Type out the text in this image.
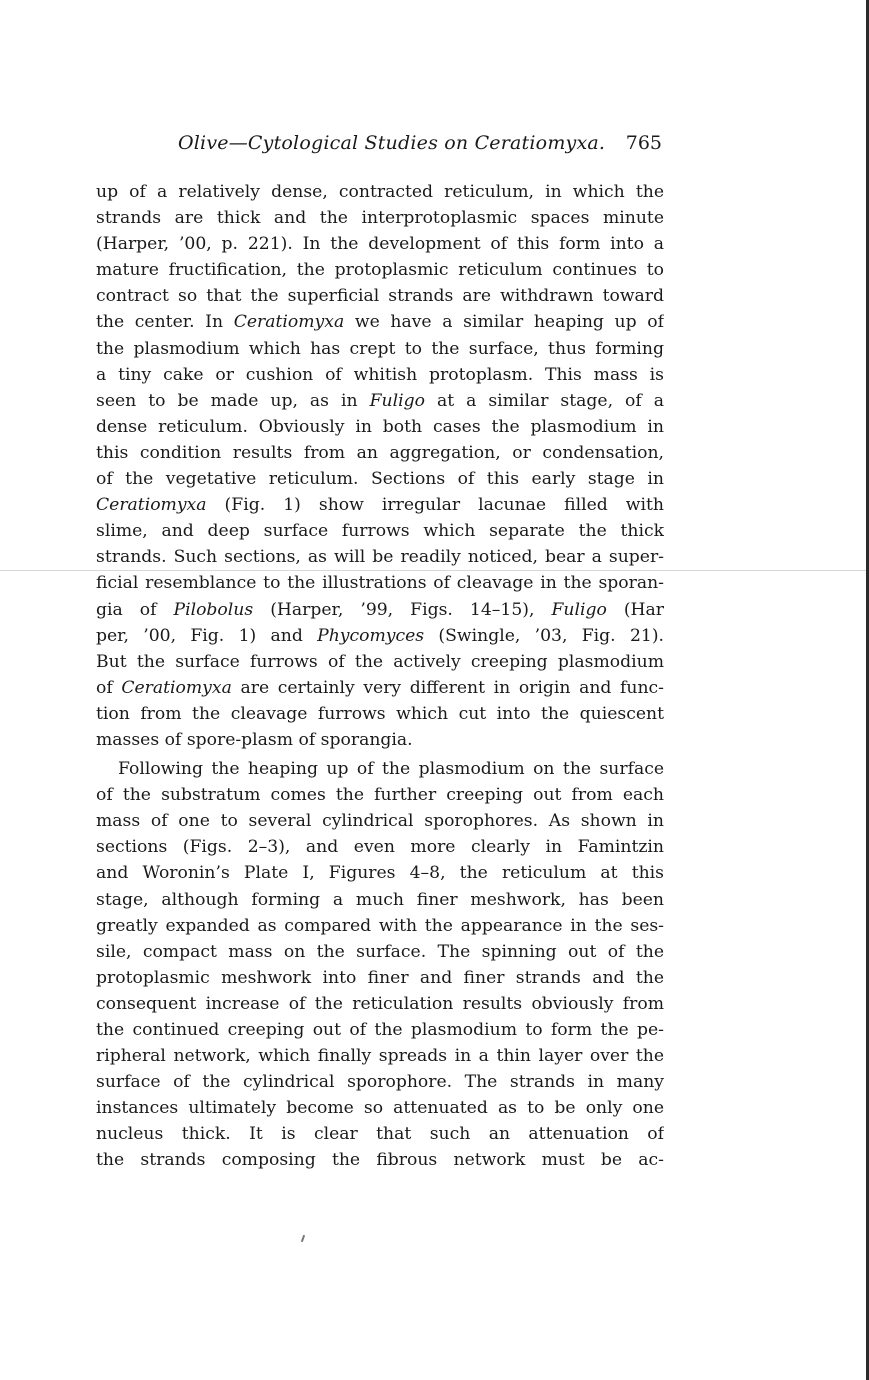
Olive—Cytological Studies on Ceratiomyxa. 765
up of a relatively dense, contracted reticulum, in which the
strands are thick and the interprotoplasmic spaces minute
(Harper, ’00, p. 221). In the development of this form into a
mature fructification, the protoplasmic reticulum continues to
contract so that the superficial strands are withdrawn toward
the center. In Ceratiomyxa we have a similar heaping up of
the plasmodium which has crept to the surface, thus forming
a tiny cake or cushion of whitish protoplasm. This mass is
seen to be made up, as in Fuligo at a similar stage, of a
dense reticulum. Obviously in both cases the plasmodium in
this condition results from an aggregation, or condensation,
of the vegetative reticulum. Sections of this early stage in
Ceratiomyxa (Fig. 1) show irregular lacunae filled with
slime, and deep surface furrows which separate the thick
strands. Such sections, as will be readily noticed, bear a super-
ficial resemblance to the illustrations of cleavage in the sporan-
gia of Pilobolus (Harper, ’99, Figs. 14–15), Fuligo (Har
per, ’00, Fig. 1) and Phycomyces (Swingle, ’03, Fig. 21).
But the surface furrows of the actively creeping plasmodium
of Ceratiomyxa are certainly very different in origin and func-
tion from the cleavage furrows which cut into the quiescent
masses of spore-plasm of sporangia.
Following the heaping up of the plasmodium on the surface
of the substratum comes the further creeping out from each
mass of one to several cylindrical sporophores. As shown in
sections (Figs. 2–3), and even more clearly in Famintzin
and Woronin’s Plate I, Figures 4–8, the reticulum at this
stage, although forming a much finer meshwork, has been
greatly expanded as compared with the appearance in the ses-
sile, compact mass on the surface. The spinning out of the
protoplasmic meshwork into finer and finer strands and the
consequent increase of the reticulation results obviously from
the continued creeping out of the plasmodium to form the pe-
ripheral network, which finally spreads in a thin layer over the
surface of the cylindrical sporophore. The strands in many
instances ultimately become so attenuated as to be only one
nucleus thick. It is clear that such an attenuation of
the strands composing the fibrous network must be ac-
